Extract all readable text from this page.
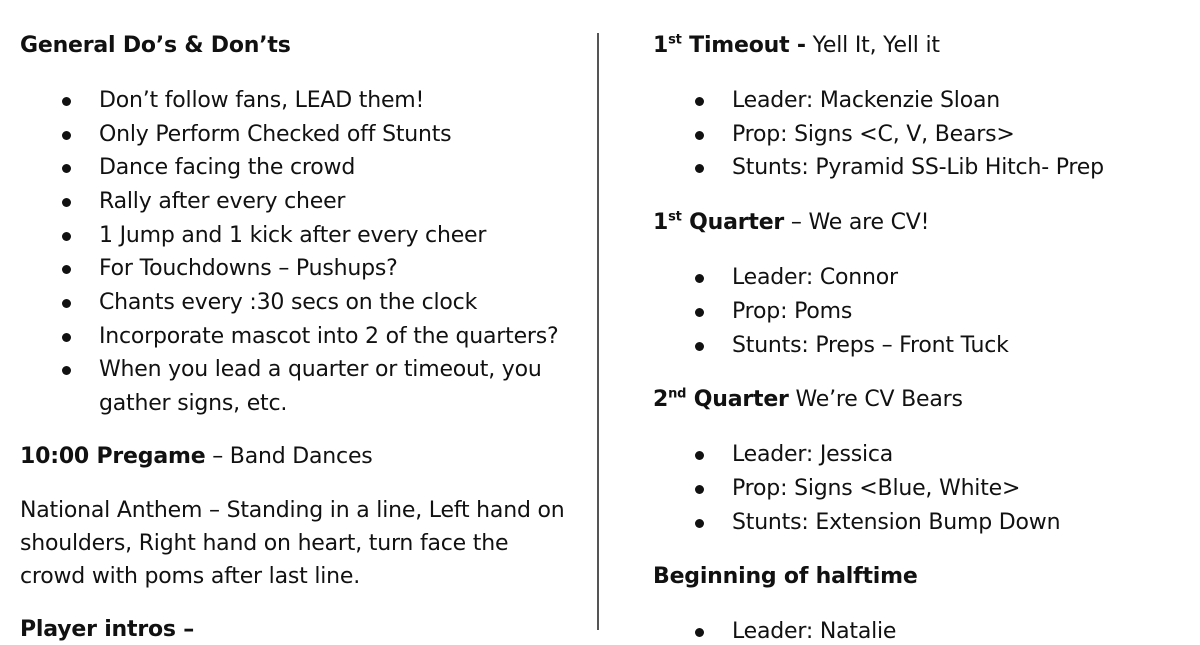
General Do’s & Don’ts
Don’t follow fans, LEAD them!
Only Perform Checked off Stunts
Dance facing the crowd
Rally after every cheer
1 Jump and 1 kick after every cheer
For Touchdowns – Pushups?
Chants every :30 secs on the clock
Incorporate mascot into 2 of the quarters?
When you lead a quarter or timeout, you
gather signs, etc.
10:00 Pregame – Band Dances
National Anthem – Standing in a line, Left hand on
shoulders, Right hand on heart, turn face the
crowd with poms after last line.
Player intros –
1st Timeout - Yell It, Yell it
Leader: Mackenzie Sloan
Prop: Signs <C, V, Bears>
Stunts: Pyramid SS-Lib Hitch- Prep
1st Quarter – We are CV!
Leader: Connor
Prop: Poms
Stunts: Preps – Front Tuck
2nd Quarter We’re CV Bears
Leader: Jessica
Prop: Signs <Blue, White>
Stunts: Extension Bump Down
Beginning of halftime
Leader: Natalie
